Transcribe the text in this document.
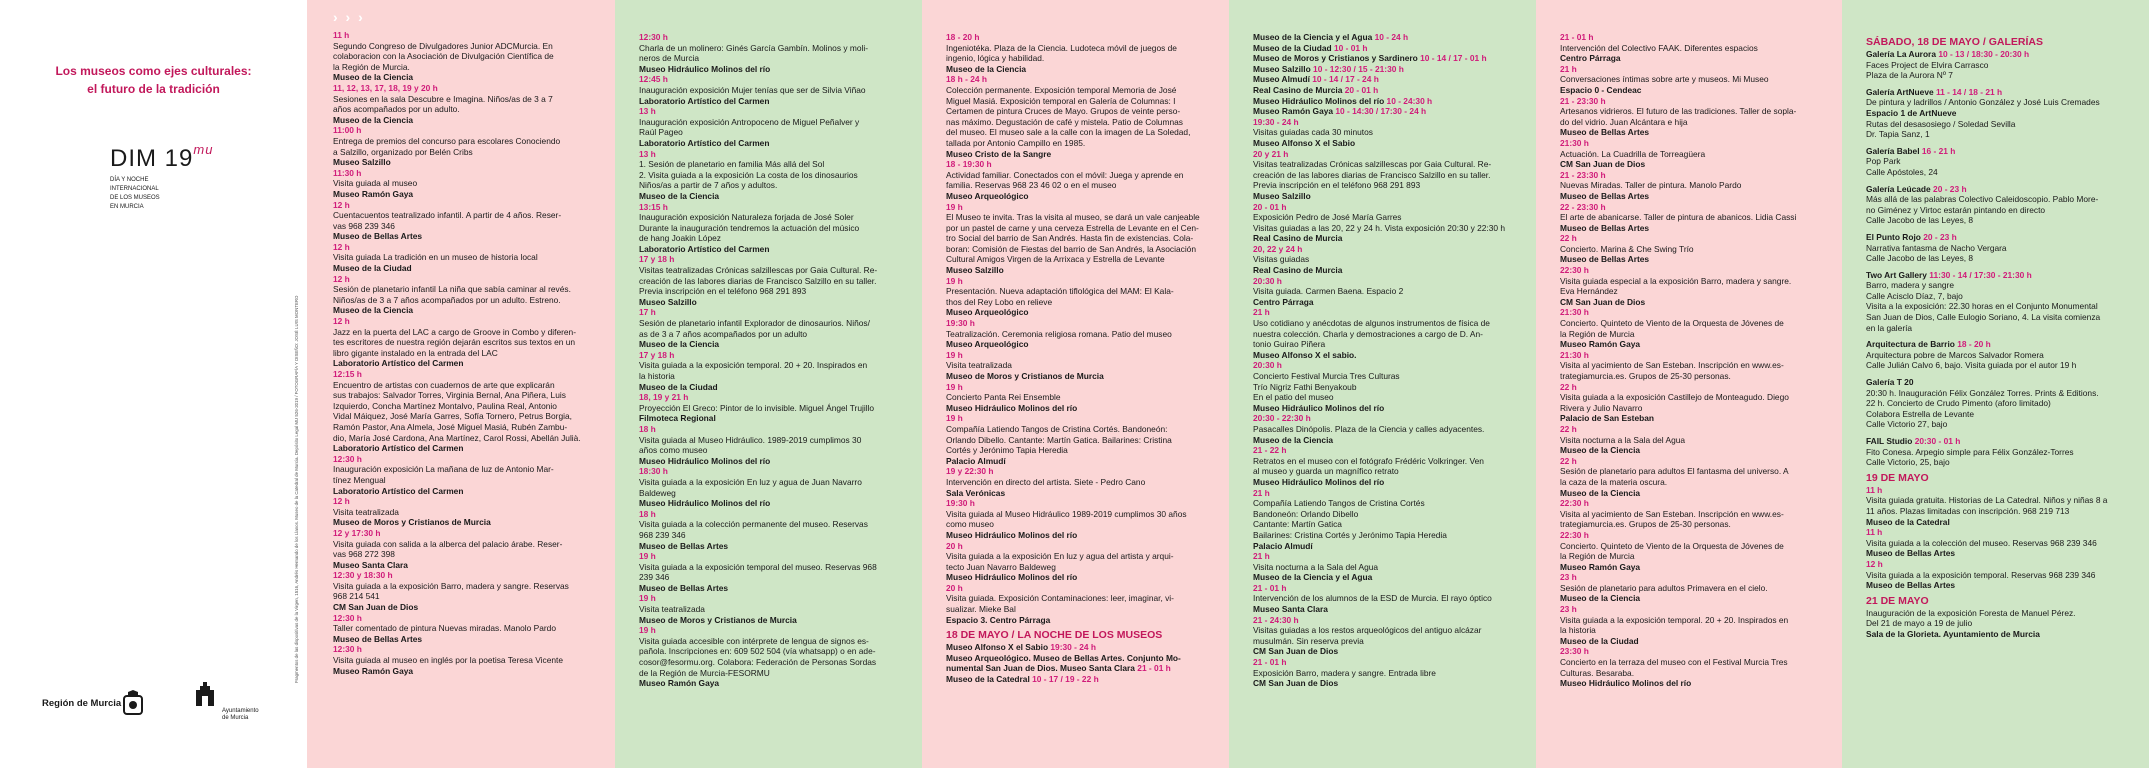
Los museos como ejes culturales:
el futuro de la tradición
DIM $19^{mu}$
DÍA Y NOCHE
INTERNACIONAL
DE LOS MUSEOS
EN MURCIA
Fragmentos de las dispositivas de la Virgen, 1516, Andrés Hernando de los Llanos. Museo de la Catedral de Murcia. Depósito Legal MU 526-2019 / FOTOGRAFÍA Y DISEÑO: JOSÉ LUIS MONTERO
Región de Murcia
Ayuntamiento
de Murcia
› › ›
11 h
Segundo Congreso de Divulgadores Junior ADCMurcia. En
colaboracion con la Asociación de Divulgación Científica de
la Región de Murcia.
Museo de la Ciencia
11, 12, 13, 17, 18, 19 y 20 h
Sesiones en la sala Descubre e Imagina. Niños/as de 3 a 7
años acompañados por un adulto.
Museo de la Ciencia
11:00 h
Entrega de premios del concurso para escolares Conociendo
a Salzillo, organizado por Belén Cribs
Museo Salzillo
11:30 h
Visita guiada al museo
Museo Ramón Gaya
12 h
Cuentacuentos teatralizado infantil. A partir de 4 años. Reser-
vas 968 239 346
Museo de Bellas Artes
12 h
Visita guiada La tradición en un museo de historia local
Museo de la Ciudad
12 h
Sesión de planetario infantil La niña que sabía caminar al revés.
Niños/as de 3 a 7 años acompañados por un adulto. Estreno.
Museo de la Ciencia
12 h
Jazz en la puerta del LAC a cargo de Groove in Combo y diferen-
tes escritores de nuestra región dejarán escritos sus textos en un
libro gigante instalado en la entrada del LAC
Laboratorio Artístico del Carmen
12:15 h
Encuentro de artistas con cuadernos de arte que explicarán
sus trabajos: Salvador Torres, Virginia Bernal, Ana Piñera, Luis
Izquierdo, Concha Martínez Montalvo, Paulina Real, Antonio
Vidal Máiquez, José María Garres, Sofía Tornero, Petrus Borgia,
Ramón Pastor, Ana Almela, José Miguel Masiá, Rubén Zambu-
dio, María José Cardona, Ana Martínez, Carol Rossi, Abellán Julià.
Laboratorio Artístico del Carmen
12:30 h
Inauguración exposición La mañana de luz de Antonio Mar-
tínez Mengual
Laboratorio Artístico del Carmen
12 h
Visita teatralizada
Museo de Moros y Cristianos de Murcia
12 y 17:30 h
Visita guiada con salida a la alberca del palacio árabe. Reser-
vas 968 272 398
Museo Santa Clara
12:30 y 18:30 h
Visita guiada a la exposición Barro, madera y sangre. Reservas
968 214 541
CM San Juan de Dios
12:30 h
Taller comentado de pintura Nuevas miradas. Manolo Pardo
Museo de Bellas Artes
12:30 h
Visita guiada al museo en inglés por la poetisa Teresa Vicente
Museo Ramón Gaya
12:30 h
Charla de un molinero: Ginés García Gambín. Molinos y moli-
neros de Murcia
Museo Hidráulico Molinos del río
12:45 h
Inauguración exposición Mujer tenías que ser de Silvia Viñao
Laboratorio Artístico del Carmen
13 h
Inauguración exposición Antropoceno de Miguel Peñalver y
Raúl Pageo
Laboratorio Artístico del Carmen
13 h
1. Sesión de planetario en familia Más allá del Sol
2. Visita guiada a la exposición La costa de los dinosaurios
Niños/as a partir de 7 años y adultos.
Museo de la Ciencia
13:15 h
Inauguración exposición Naturaleza forjada de José Soler
Durante la inauguración tendremos la actuación del músico
de hang Joakin López
Laboratorio Artístico del Carmen
17 y 18 h
Visitas teatralizadas Crónicas salzillescas por Gaia Cultural. Re-
creación de las labores diarias de Francisco Salzillo en su taller.
Previa inscripción en el teléfono 968 291 893
Museo Salzillo
17 h
Sesión de planetario infantil Explorador de dinosaurios. Niños/
as de 3 a 7 años acompañados por un adulto
Museo de la Ciencia
17 y 18 h
Visita guiada a la exposición temporal. 20 + 20. Inspirados en
la historia
Museo de la Ciudad
18, 19 y 21 h
Proyección El Greco: Pintor de lo invisible. Miguel Ángel Trujillo
Filmoteca Regional
18 h
Visita guiada al Museo Hidráulico. 1989-2019 cumplimos 30
años como museo
Museo Hidráulico Molinos del río
18:30 h
Visita guiada a la exposición En luz y agua de Juan Navarro
Baldeweg
Museo Hidráulico Molinos del río
18 h
Visita guiada a la colección permanente del museo. Reservas
968 239 346
Museo de Bellas Artes
19 h
Visita guiada a la exposición temporal del museo. Reservas 968
239 346
Museo de Bellas Artes
19 h
Visita teatralizada
Museo de Moros y Cristianos de Murcia
19 h
Visita guiada accesible con intérprete de lengua de signos es-
pañola. Inscripciones en: 609 502 504 (vía whatsapp) o en ade-
cosor@fesormu.org. Colabora: Federación de Personas Sordas
de la Región de Murcia-FESORMU
Museo Ramón Gaya
18 - 20 h
Ingeniotéka. Plaza de la Ciencia. Ludoteca móvil de juegos de
ingenio, lógica y habilidad.
Museo de la Ciencia
18 h - 24 h
Colección permanente. Exposición temporal Memoria de José
Miguel Masiá. Exposición temporal en Galería de Columnas: I
Certamen de pintura Cruces de Mayo. Grupos de veinte perso-
nas máximo. Degustación de café y mistela. Patio de Columnas
del museo. El museo sale a la calle con la imagen de La Soledad,
tallada por Antonio Campillo en 1985.
Museo Cristo de la Sangre
18 - 19:30 h
Actividad familiar. Conectados con el móvil: Juega y aprende en
familia. Reservas 968 23 46 02 o en el museo
Museo Arqueológico
19 h
El Museo te invita. Tras la visita al museo, se dará un vale canjeable
por un pastel de carne y una cerveza Estrella de Levante en el Cen-
tro Social del barrio de San Andrés. Hasta fin de existencias. Cola-
boran: Comisión de Fiestas del barrio de San Andrés, la Asociación
Cultural Amigos Virgen de la Arrixaca y Estrella de Levante
Museo Salzillo
19 h
Presentación. Nueva adaptación tiflológica del MAM: El Kala-
thos del Rey Lobo en relieve
Museo Arqueológico
19:30 h
Teatralización. Ceremonia religiosa romana. Patio del museo
Museo Arqueológico
19 h
Visita teatralizada
Museo de Moros y Cristianos de Murcia
19 h
Concierto Panta Rei Ensemble
Museo Hidráulico Molinos del río
19 h
Compañía Latiendo Tangos de Cristina Cortés. Bandoneón:
Orlando Dibello. Cantante: Martín Gatica. Bailarines: Cristina
Cortés y Jerónimo Tapia Heredia
Palacio Almudí
19 y 22:30 h
Intervención en directo del artista. Siete - Pedro Cano
Sala Verónicas
19:30 h
Visita guiada al Museo Hidráulico 1989-2019 cumplimos 30 años
como museo
Museo Hidráulico Molinos del río
20 h
Visita guiada a la exposición En luz y agua del artista y arqui-
tecto Juan Navarro Baldeweg
Museo Hidráulico Molinos del río
20 h
Visita guiada. Exposición Contaminaciones: leer, imaginar, vi-
sualizar. Mieke Bal
Espacio 3. Centro Párraga
18 DE MAYO / LA NOCHE DE LOS MUSEOS
Museo Alfonso X el Sabio 19:30 - 24 h
Museo Arqueológico. Museo de Bellas Artes. Conjunto Mo-
numental San Juan de Dios. Museo Santa Clara 21 - 01 h
Museo de la Catedral 10 - 17 / 19 - 22 h
Museo de la Ciencia y el Agua 10 - 24 h
Museo de la Ciudad 10 - 01 h
Museo de Moros y Cristianos y Sardinero 10 - 14 / 17 - 01 h
Museo Salzillo 10 - 12:30 / 15 - 21:30 h
Museo Almudí 10 - 14 / 17 - 24 h
Real Casino de Murcia 20 - 01 h
Museo Hidráulico Molinos del río 10 - 24:30 h
Museo Ramón Gaya 10 - 14:30 / 17:30 - 24 h
19:30 - 24 h
Visitas guiadas cada 30 minutos
Museo Alfonso X el Sabio
20 y 21 h
Visitas teatralizadas Crónicas salzillescas por Gaia Cultural. Re-
creación de las labores diarias de Francisco Salzillo en su taller.
Previa inscripción en el teléfono 968 291 893
Museo Salzillo
20 - 01 h
Exposición Pedro de José María Garres
Visitas guiadas a las 20, 22 y 24 h. Vista exposición 20:30 y 22:30 h
Real Casino de Murcia
20, 22 y 24 h
Visitas guiadas
Real Casino de Murcia
20:30 h
Visita guiada. Carmen Baena. Espacio 2
Centro Párraga
21 h
Uso cotidiano y anécdotas de algunos instrumentos de física de
nuestra colección. Charla y demostraciones a cargo de D. An-
tonio Guirao Piñera
Museo Alfonso X el sabio.
20:30 h
Concierto Festival Murcia Tres Culturas
Trío Nigriz Fathi Benyakoub
En el patio del museo
Museo Hidráulico Molinos del río
20:30 - 22:30 h
Pasacalles Dinópolis. Plaza de la Ciencia y calles adyacentes.
Museo de la Ciencia
21 - 22 h
Retratos en el museo con el fotógrafo Frédéric Volkringer. Ven
al museo y guarda un magnífico retrato
Museo Hidráulico Molinos del río
21 h
Compañía Latiendo Tangos de Cristina Cortés
Bandoneón: Orlando Dibello
Cantante: Martín Gatica
Bailarines: Cristina Cortés y Jerónimo Tapia Heredia
Palacio Almudí
21 h
Visita nocturna a la Sala del Agua
Museo de la Ciencia y el Agua
21 - 01 h
Intervención de los alumnos de la ESD de Murcia. El rayo óptico
Museo Santa Clara
21 - 24:30 h
Visitas guiadas a los restos arqueológicos del antiguo alcázar
musulmán. Sin reserva previa
CM San Juan de Dios
21 - 01 h
Exposición Barro, madera y sangre. Entrada libre
CM San Juan de Dios
21 - 01 h
Intervención del Colectivo FAAK. Diferentes espacios
Centro Párraga
21 h
Conversaciones íntimas sobre arte y museos. Mi Museo
Espacio 0 - Cendeac
21 - 23:30 h
Artesanos vidrieros. El futuro de las tradiciones. Taller de sopla-
do del vidrio. Juan Alcántara e hija
Museo de Bellas Artes
21:30 h
Actuación. La Cuadrilla de Torreagüera
CM San Juan de Dios
21 - 23:30 h
Nuevas Miradas. Taller de pintura. Manolo Pardo
Museo de Bellas Artes
22 - 23:30 h
El arte de abanicarse. Taller de pintura de abanicos. Lidia Cassi
Museo de Bellas Artes
22 h
Concierto. Marina & Che Swing Trío
Museo de Bellas Artes
22:30 h
Visita guiada especial a la exposición Barro, madera y sangre.
Eva Hernández
CM San Juan de Dios
21:30 h
Concierto. Quinteto de Viento de la Orquesta de Jóvenes de
la Región de Murcia
Museo Ramón Gaya
21:30 h
Visita al yacimiento de San Esteban. Inscripción en www.es-
trategiamurcia.es. Grupos de 25-30 personas.
22 h
Visita guiada a la exposición Castillejo de Monteagudo. Diego
Rivera y Julio Navarro
Palacio de San Esteban
22 h
Visita nocturna a la Sala del Agua
Museo de la Ciencia
22 h
Sesión de planetario para adultos El fantasma del universo. A
la caza de la materia oscura.
Museo de la Ciencia
22:30 h
Visita al yacimiento de San Esteban. Inscripción en www.es-
trategiamurcia.es. Grupos de 25-30 personas.
22:30 h
Concierto. Quinteto de Viento de la Orquesta de Jóvenes de
la Región de Murcia
Museo Ramón Gaya
23 h
Sesión de planetario para adultos Primavera en el cielo.
Museo de la Ciencia
23 h
Visita guiada a la exposición temporal. 20 + 20. Inspirados en
la historia
Museo de la Ciudad
23:30 h
Concierto en la terraza del museo con el Festival Murcia Tres
Culturas. Besaraba.
Museo Hidráulico Molinos del río
SÁBADO, 18 DE MAYO / GALERÍAS
Galería La Aurora 10 - 13 / 18:30 - 20:30 h
Faces Project de Elvira Carrasco
Plaza de la Aurora Nº 7
Galería ArtNueve 11 - 14 / 18 - 21 h
De pintura y ladrillos / Antonio González y José Luis Cremades
Espacio 1 de ArtNueve
Rutas del desasosiego / Soledad Sevilla
Dr. Tapia Sanz, 1
Galería Babel 16 - 21 h
Pop Park
Calle Apóstoles, 24
Galería Leúcade 20 - 23 h
Más allá de las palabras Colectivo Caleidoscopio. Pablo More-
no Giménez y Virtoc estarán pintando en directo
Calle Jacobo de las Leyes, 8
El Punto Rojo 20 - 23 h
Narrativa fantasma de Nacho Vergara
Calle Jacobo de las Leyes, 8
Two Art Gallery 11:30 - 14 / 17:30 - 21:30 h
Barro, madera y sangre
Calle Acisclo Díaz, 7, bajo
Visita a la exposición: 22.30 horas en el Conjunto Monumental
San Juan de Dios, Calle Eulogio Soriano, 4. La visita comienza
en la galería
Arquitectura de Barrio 18 - 20 h
Arquitectura pobre de Marcos Salvador Romera
Calle Julián Calvo 6, bajo. Visita guiada por el autor 19 h
Galería T 20
20:30 h. Inauguración Félix González Torres. Prints & Editions.
22 h. Concierto de Crudo Pimento (aforo limitado)
Colabora Estrella de Levante
Calle Victorio 27, bajo
FAIL Studio 20:30 - 01 h
Fito Conesa. Arpegio simple para Félix González-Torres
Calle Victorio, 25, bajo
19 DE MAYO
11 h
Visita guiada gratuita. Historias de La Catedral. Niños y niñas 8 a
11 años. Plazas limitadas con inscripción. 968 219 713
Museo de la Catedral
11 h
Visita guiada a la colección del museo. Reservas 968 239 346
Museo de Bellas Artes
12 h
Visita guiada a la exposición temporal. Reservas 968 239 346
Museo de Bellas Artes
21 DE MAYO
Inauguración de la exposición Foresta de Manuel Pérez.
Del 21 de mayo a 19 de julio
Sala de la Glorieta. Ayuntamiento de Murcia
